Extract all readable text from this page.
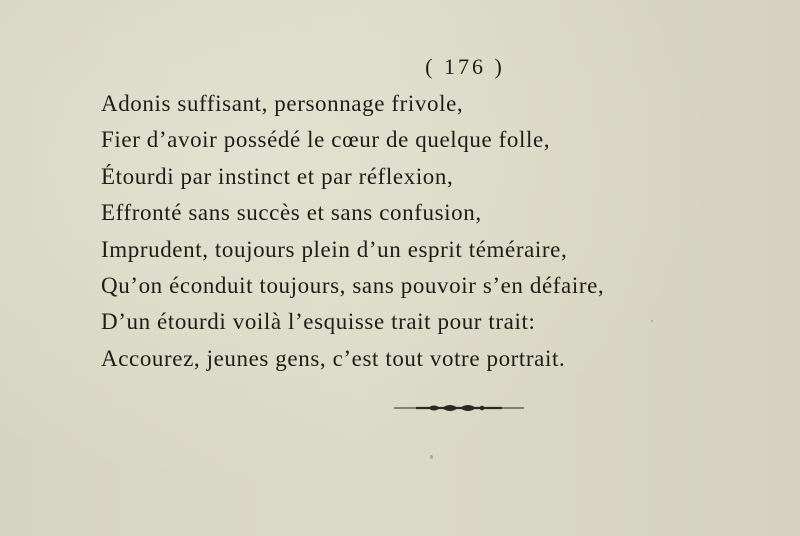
( 176 )
Adonis suffisant, personnage frivole,
Fier d’avoir possédé le cœur de quelque folle,
Étourdi par instinct et par réflexion,
Effronté sans succès et sans confusion,
Imprudent, toujours plein d’un esprit téméraire,
Qu’on éconduit toujours, sans pouvoir s’en défaire,
D’un étourdi voilà l’esquisse trait pour trait:
Accourez, jeunes gens, c’est tout votre portrait.
